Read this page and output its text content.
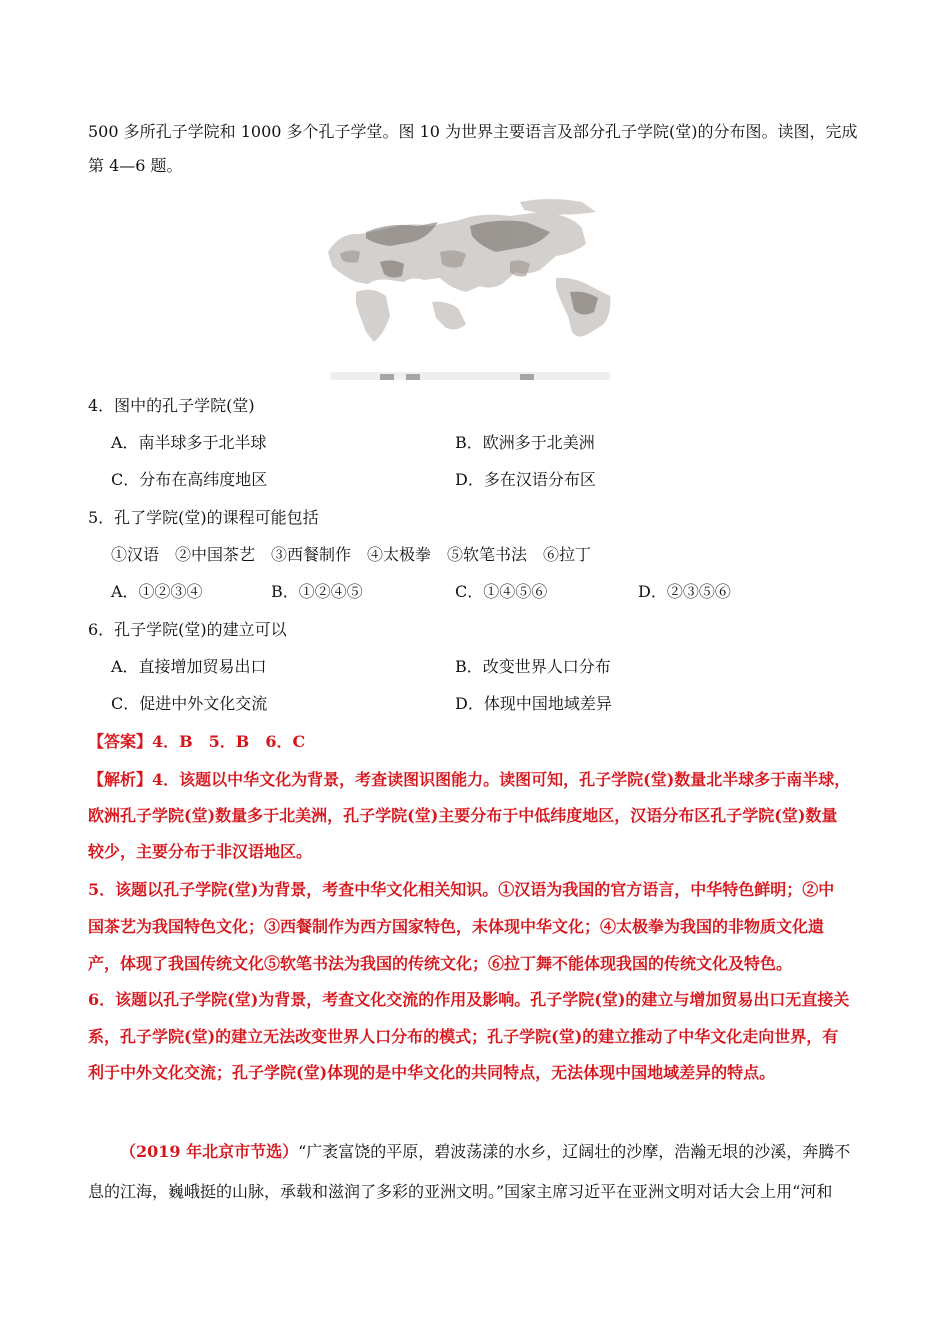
500 多所孔子学院和 1000 多个孔子学堂。图 10 为世界主要语言及部分孔子学院(堂)的分布图。读图，完成
第 4—6 题。
4．图中的孔子学院(堂)
A．南半球多于北半球	B．欧洲多于北美洲
C．分布在高纬度地区	D．多在汉语分布区
5．孔了学院(堂)的课程可能包括
①汉语　②中国茶艺　③西餐制作　④太极拳　⑤软笔书法　⑥拉丁
A．①②③④	B．①②④⑤	C．①④⑤⑥	D．②③⑤⑥
6．孔子学院(堂)的建立可以
A．直接增加贸易出口	B．改变世界人口分布
C．促进中外文化交流	D．体现中国地域差异
【答案】4．B　5．B　6．C
【解析】4．该题以中华文化为背景，考查读图识图能力。读图可知，孔子学院(堂)数量北半球多于南半球，
欧洲孔子学院(堂)数量多于北美洲，孔子学院(堂)主要分布于中低纬度地区，汉语分布区孔子学院(堂)数量
较少，主要分布于非汉语地区。
5．该题以孔子学院(堂)为背景，考查中华文化相关知识。①汉语为我国的官方语言，中华特色鲜明；②中
国茶艺为我国特色文化；③西餐制作为西方国家特色，未体现中华文化；④太极拳为我国的非物质文化遗
产，体现了我国传统文化⑤软笔书法为我国的传统文化；⑥拉丁舞不能体现我国的传统文化及特色。
6．该题以孔子学院(堂)为背景，考查文化交流的作用及影响。孔子学院(堂)的建立与增加贸易出口无直接关
系，孔子学院(堂)的建立无法改变世界人口分布的模式；孔子学院(堂)的建立推动了中华文化走向世界，有
利于中外文化交流；孔子学院(堂)体现的是中华文化的共同特点，无法体现中国地域差异的特点。
（2019 年北京市节选）“广袤富饶的平原，碧波荡漾的水乡，辽阔壮的沙摩，浩瀚无垠的沙溪，奔腾不
息的江海，巍峨挺的山脉，承载和滋润了多彩的亚洲文明。”国家主席习近平在亚洲文明对话大会上用“河和
